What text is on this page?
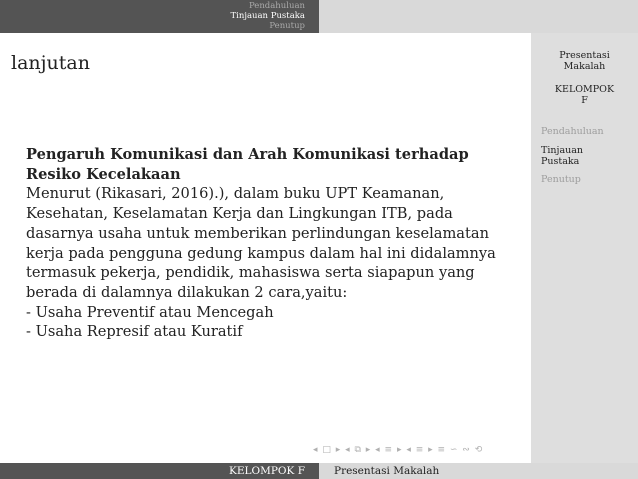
Pendahuluan
Tinjauan Pustaka
Penutup
lanjutan
Pengaruh Komunikasi dan Arah Komunikasi terhadap
Resiko Kecelakaan
Menurut (Rikasari, 2016).), dalam buku UPT Keamanan,
Kesehatan, Keselamatan Kerja dan Lingkungan ITB, pada
dasarnya usaha untuk memberikan perlindungan keselamatan
kerja pada pengguna gedung kampus dalam hal ini didalamnya
termasuk pekerja, pendidik, mahasiswa serta siapapun yang
berada di dalamnya dilakukan 2 cara,yaitu:
- Usaha Preventif atau Mencegah
- Usaha Represif atau Kuratif
Presentasi
Makalah
KELOMPOK
F
Pendahuluan
Tinjauan
Pustaka
Penutup
◂ □ ▸ ◂ ⧉ ▸ ◂ ≡ ▸ ◂ ≡ ▸ ≡ ∽ ∾ ⟲
KELOMPOK F	Presentasi Makalah
